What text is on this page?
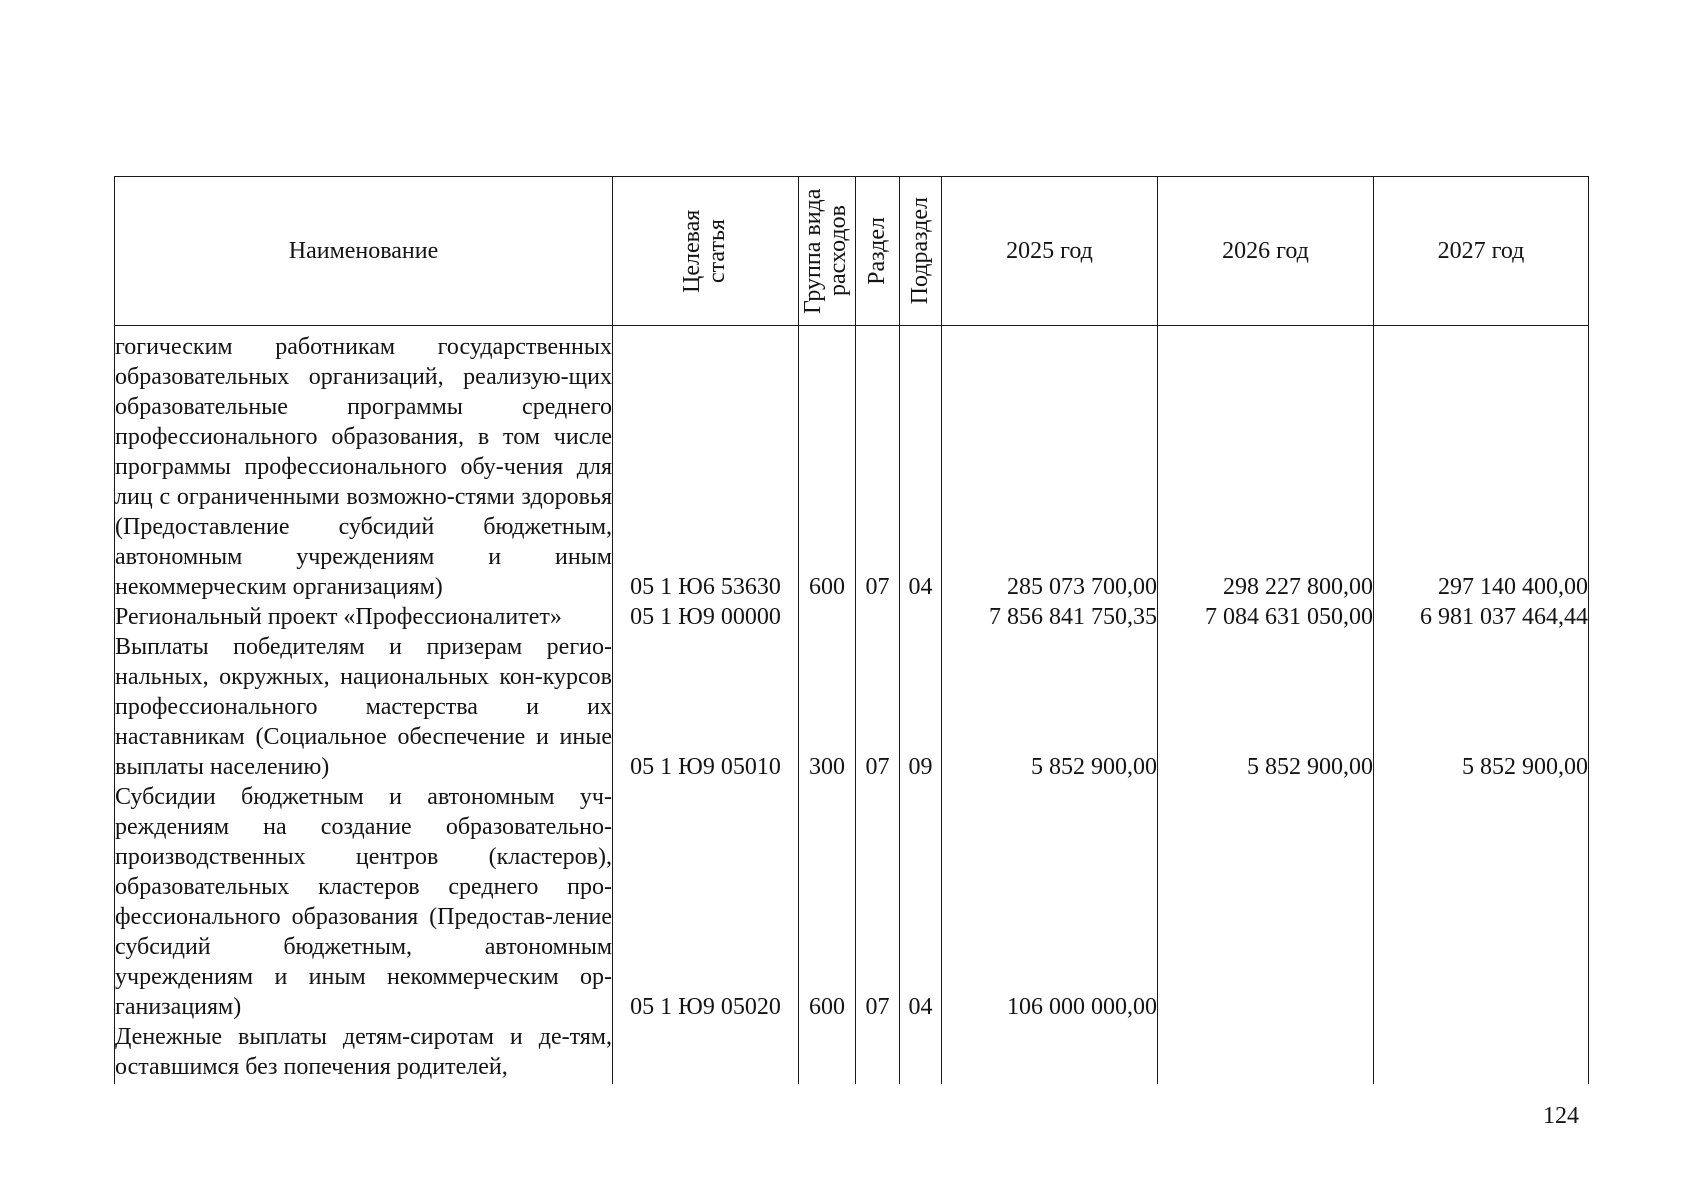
Наименование	Целевая статья	Группа вида расходов	Раздел	Подраздел	2025 год	2026 год	2027 год
гогическим работникам государственных образовательных организаций, реализую-щих образовательные программы среднего профессионального образования, в том числе программы профессионального обу-чения для лиц с ограниченными возможно-стями здоровья (Предоставление субсидий бюджетным, автономным учреждениям и иным некоммерческим организациям)	05 1 Ю6 53630	600	07	04	285 073 700,00	298 227 800,00	297 140 400,00
Региональный проект «Профессионалитет»	05 1 Ю9 00000				7 856 841 750,35	7 084 631 050,00	6 981 037 464,44
Выплаты победителям и призерам регио-нальных, окружных, национальных кон-курсов профессионального мастерства и их наставникам (Социальное обеспечение и иные выплаты населению)	05 1 Ю9 05010	300	07	09	5 852 900,00	5 852 900,00	5 852 900,00
Субсидии бюджетным и автономным уч-реждениям на создание образовательно-производственных центров (кластеров), образовательных кластеров среднего про-фессионального образования (Предостав-ление субсидий бюджетным, автономным учреждениям и иным некоммерческим ор-ганизациям)	05 1 Ю9 05020	600	07	04	106 000 000,00		
Денежные выплаты детям-сиротам и де-тям, оставшимся без попечения родителей,							
124
